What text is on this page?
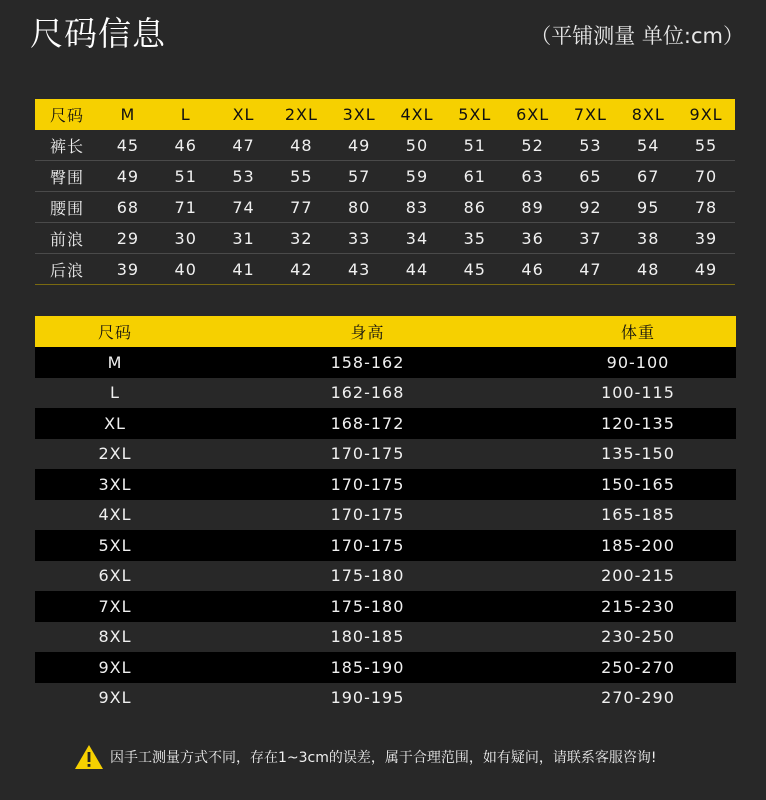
尺码信息	（平铺测量 单位:cm）
尺码	M	L	XL	2XL	3XL	4XL	5XL	6XL	7XL	8XL	9XL
裤长	45	46	47	48	49	50	51	52	53	54	55
臀围	49	51	53	55	57	59	61	63	65	67	70
腰围	68	71	74	77	80	83	86	89	92	95	78
前浪	29	30	31	32	33	34	35	36	37	38	39
后浪	39	40	41	42	43	44	45	46	47	48	49
尺码	身高	体重
M	158-162	90-100
L	162-168	100-115
XL	168-172	120-135
2XL	170-175	135-150
3XL	170-175	150-165
4XL	170-175	165-185
5XL	170-175	185-200
6XL	175-180	200-215
7XL	175-180	215-230
8XL	180-185	230-250
9XL	185-190	250-270
9XL	190-195	270-290
因手工测量方式不同，存在1~3cm的误差，属于合理范围，如有疑问，请联系客服咨询!
